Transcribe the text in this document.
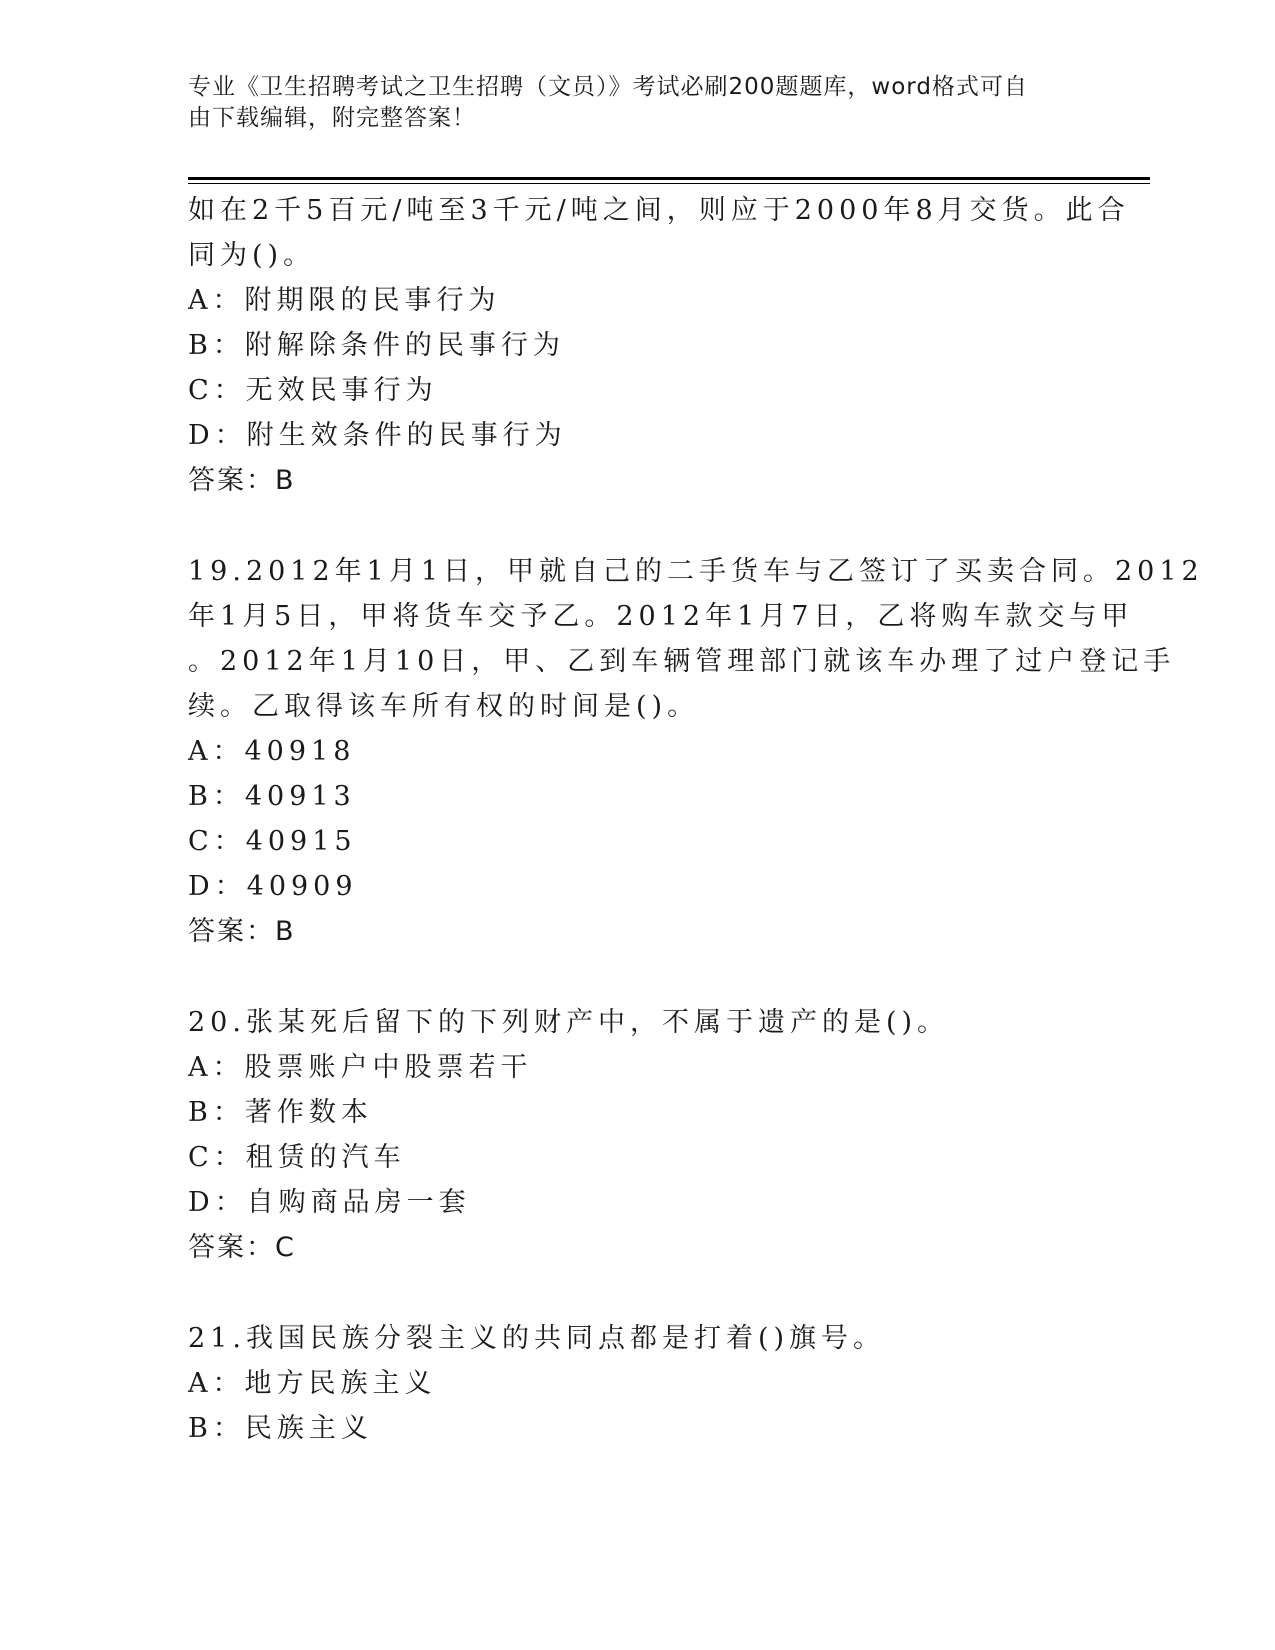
专业《卫生招聘考试之卫生招聘（文员）》考试必刷200题题库，word格式可自
由下载编辑，附完整答案！
如在2千5百元/吨至3千元/吨之间，则应于2000年8月交货。此合
同为()。
A：附期限的民事行为
B：附解除条件的民事行为
C：无效民事行为
D：附生效条件的民事行为
答案：B
19.2012年1月1日，甲就自己的二手货车与乙签订了买卖合同。2012
年1月5日，甲将货车交予乙。2012年1月7日，乙将购车款交与甲
。2012年1月10日，甲、乙到车辆管理部门就该车办理了过户登记手
续。乙取得该车所有权的时间是()。
A：40918
B：40913
C：40915
D：40909
答案：B
20.张某死后留下的下列财产中，不属于遗产的是()。
A：股票账户中股票若干
B：著作数本
C：租赁的汽车
D：自购商品房一套
答案：C
21.我国民族分裂主义的共同点都是打着()旗号。
A：地方民族主义
B：民族主义
